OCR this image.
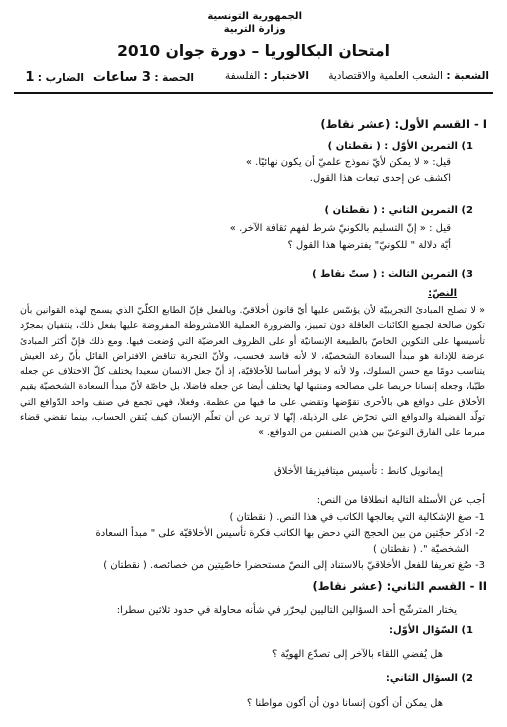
الجمهورية التونسية
وزارة التربية
امتحان البكالوريا – دورة جوان 2010
الشعبة : الشعب العلمية والاقتصادية
الاختبار : الفلسفة
الحصة : 3 ساعات
الضارب : 1
I - القسم الأول: (عشر نقاط)
1) التمرين الأوّل : ( نقطتان )
قيل: « لا يمكن لأيّ نموذج علميّ أن يكون نهائيًا. »
اكشف عن إحدى تبعات هذا القول.
2) التمرين الثاني : ( نقطتان )
قيل : « إنّ التسليم بالكونيّ شرط لفهم ثقافة الآخر. »
أيّة دلالة " للكونيّ" يفترضها هذا القول ؟
3) التمرين الثالث : ( ستّ نقاط )
النصّ:
« لا تصلح المبادئ التجريبيّة لأن يؤسّس عليها أيّ قانون أخلاقيّ. وبالفعل فإنّ الطابع الكلّيّ الذي يسمح لهذه القوانين بأن تكون صالحة لجميع الكائنات العاقلة دون تمييز، والضرورة العملية اللامشروطة المفروضة عليها بفعل ذلك، ينتفيان بمجرّد تأسيسها على التكوين الخاصّ بالطبيعة الإنسانيّة أو على الظروف العرضيّة التي وُضعت فيها. ومع ذلك فإنّ أكثر المبادئ عرضة للإدانة هو مبدأ السعادة الشخصيّة، لا لأنه فاسد فحسب، ولأنّ التجربة تناقض الافتراض القائل بأنّ رغد العيش يتناسب دومًا مع حسن السلوك، ولا لأنه لا يوفر أساسا للأخلاقيّة، إذ أنّ جعل الانسان سعيدا يختلف كلّ الاختلاف عن جعله طيّبا، وجعله إنسانا حريصا على مصالحه ومنتبها لها يختلف أيضا عن جعله فاضلا، بل خاصّة لأنّ مبدأ السعادة الشخصيّة يقيم الأخلاق على دوافع هي بالأحرى تقوّضها وتقضي على ما فيها من عظمة. وفعلا، فهي تجمع في صنف واحد الدّوافع التي تولّد الفضيلة والدوافع التي تحرّض على الرذيلة، إنّها لا تريد عن أن تعلّم الإنسان كيف يُتقن الحساب، بينما تقضي قضاء مبرما على الفارق النوعيّ بين هذين الصنفين من الدوافع. »
إيمانويل كانط : تأسيس ميتافيزيقا الأخلاق
أجب عن الأسئلة التالية انطلاقا من النص:
1- صغ الإشكالية التي يعالجها الكاتب في هذا النص. ( نقطتان )
2- اذكر حجّتين من بين الحجج التي دحض بها الكاتب فكرة تأسيس الأخلاقيّة على " مبدأ السعادة
الشخصيّة ". ( نقطتان )
3- صُغ تعريفا للفعل الأخلاقيّ بالاستناد إلى النصّ مستحضرا خاصّيتين من خصائصه. ( نقطتان )
II - القسم الثاني: (عشر نقاط)
يختار المترشّح أحد السؤالين التاليين ليحرّر في شأنه محاولة في حدود ثلاثين سطرا:
1) السّؤال الأوّل:
هل يُفضي اللقاء بالآخر إلى تصدّع الهويّة ؟
2) السؤال الثاني:
هل يمكن أن أكون إنسانا دون أن أكون مواطنا ؟
